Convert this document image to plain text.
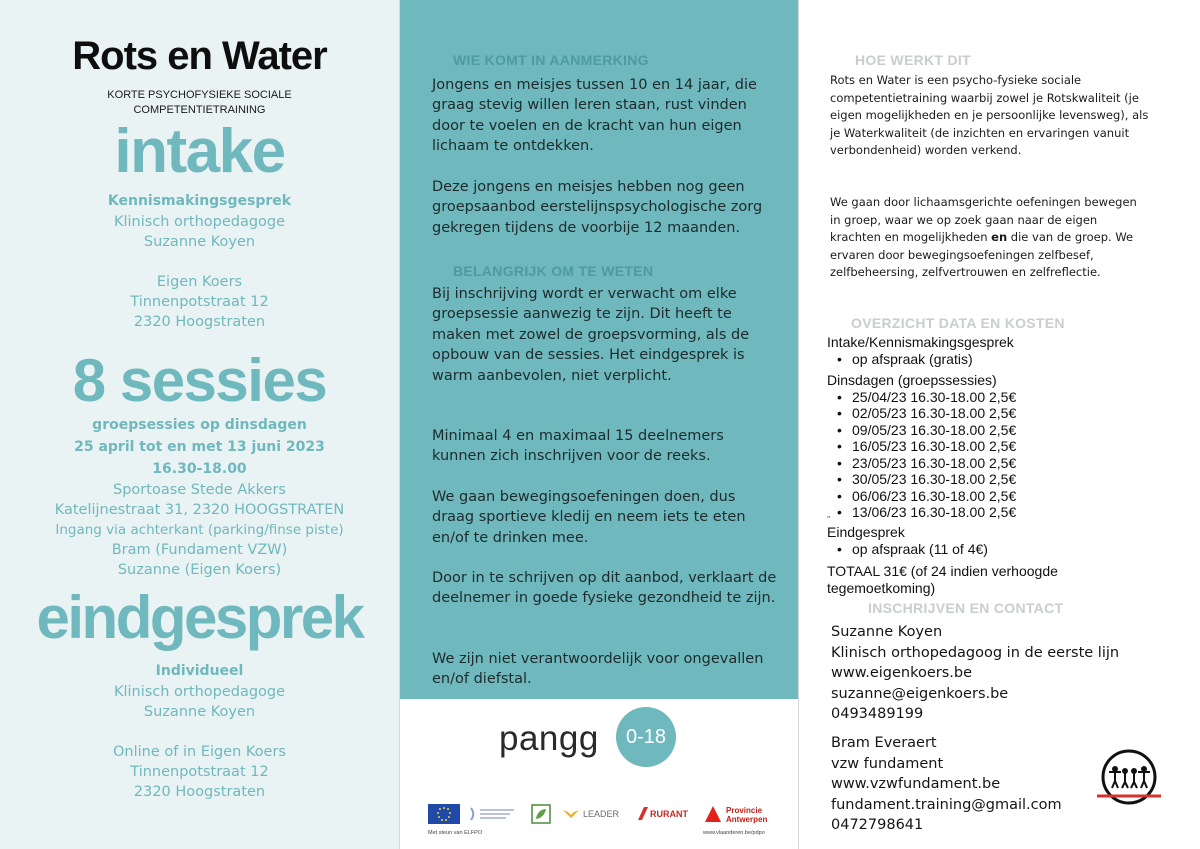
Rots en Water
KORTE PSYCHOFYSIEKE SOCIALE
COMPETENTIETRAINING
intake
Kennismakingsgesprek
Klinisch orthopedagoge
Suzanne Koyen
Eigen Koers
Tinnenpotstraat 12
2320 Hoogstraten
8 sessies
groepsessies op dinsdagen
25 april tot en met 13 juni 2023
16.30-18.00
Sportoase Stede Akkers
Katelijnestraat 31, 2320 HOOGSTRATEN
Ingang via achterkant (parking/finse piste)
Bram (Fundament VZW)
Suzanne (Eigen Koers)
eindgesprek
Individueel
Klinisch orthopedagoge
Suzanne Koyen
Online of in Eigen Koers
Tinnenpotstraat 12
2320 Hoogstraten
WIE KOMT IN AANMERKING

Jongens en meisjes tussen 10 en 14 jaar, die graag stevig willen leren staan, rust vinden door te voelen en de kracht van hun eigen lichaam te ontdekken.

Deze jongens en meisjes hebben nog geen groepsaanbod eerstelijnspsychologische zorg gekregen tijdens de voorbije 12 maanden.

BELANGRIJK OM TE WETEN

Bij inschrijving wordt er verwacht om elke groepsessie aanwezig te zijn. Dit heeft te maken met zowel de groepsvorming, als de opbouw van de sessies. Het eindgesprek is warm aanbevolen, niet verplicht.

Minimaal 4 en maximaal 15 deelnemers kunnen zich inschrijven voor de reeks.

We gaan bewegingsoefeningen doen, dus draag sportieve kledij en neem iets te eten en/of te drinken mee.

Door in te schrijven op dit aanbod, verklaart de deelnemer in goede fysieke gezondheid te zijn.

We zijn niet verantwoordelijk voor ongevallen en/of diefstal.

pangg	0-18
LEADER	RURANT	Provincie
Antwerpen
Met steun van ELFPO	www.vlaanderen.be/pdpo
HOE WERKT DIT

Rots en Water is een psycho-fysieke sociale competentietraining waarbij zowel je Rotskwaliteit (je eigen mogelijkheden en je persoonlijke levensweg), als je Waterkwaliteit (de inzichten en ervaringen vanuit verbondenheid) worden verkend.

We gaan door lichaamsgerichte oefeningen bewegen in groep, waar we op zoek gaan naar de eigen krachten en mogelijkheden en die van de groep. We ervaren door bewegingsoefeningen zelfbesef, zelfbeheersing, zelfvertrouwen en zelfreflectie.

OVERZICHT DATA EN KOSTEN
Intake/Kennismakingsgesprek
• op afspraak (gratis)
Dinsdagen (groepssessies)
• 25/04/23 16.30-18.00 2,5€
• 02/05/23 16.30-18.00 2,5€
• 09/05/23 16.30-18.00 2,5€
• 16/05/23 16.30-18.00 2,5€
• 23/05/23 16.30-18.00 2,5€
• 30/05/23 16.30-18.00 2,5€
• 06/06/23 16.30-18.00 2,5€
• 13/06/23 16.30-18.00 2,5€
"
Eindgesprek
• op afspraak (11 of 4€)
TOTAAL 31€ (of 24 indien verhoogde
tegemoetkoming)
INSCHRIJVEN EN CONTACT
Suzanne Koyen
Klinisch orthopedagoog in de eerste lijn
www.eigenkoers.be
suzanne@eigenkoers.be
0493489199
Bram Everaert
vzw fundament
www.vzwfundament.be
fundament.training@gmail.com
0472798641
